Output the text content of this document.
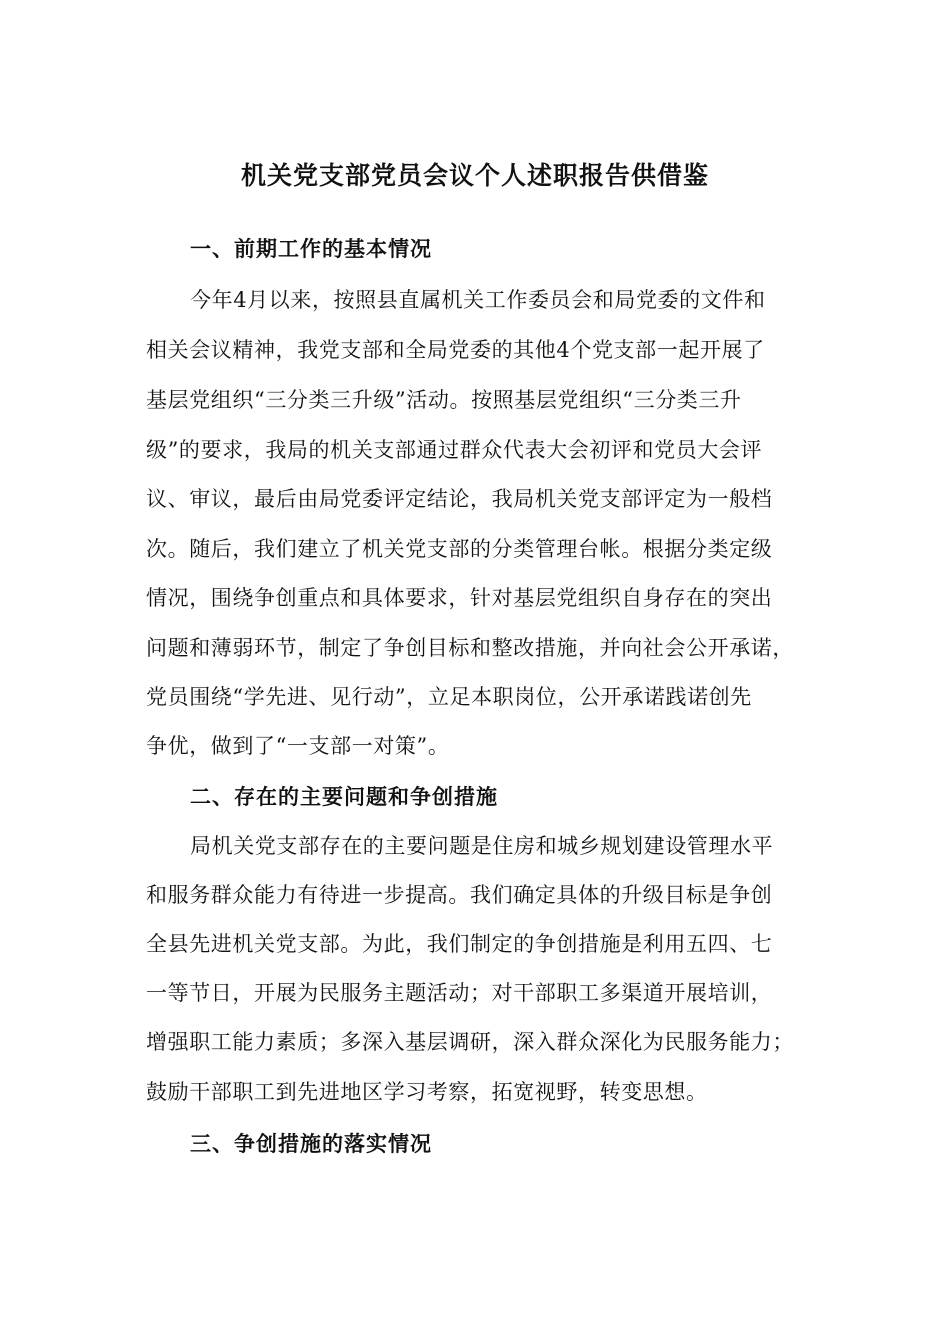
机关党支部党员会议个人述职报告供借鉴
一、前期工作的基本情况
今年4月以来，按照县直属机关工作委员会和局党委的文件和
相关会议精神，我党支部和全局党委的其他4个党支部一起开展了
基层党组织“三分类三升级”活动。按照基层党组织“三分类三升
级”的要求，我局的机关支部通过群众代表大会初评和党员大会评
议、审议，最后由局党委评定结论，我局机关党支部评定为一般档
次。随后，我们建立了机关党支部的分类管理台帐。根据分类定级
情况，围绕争创重点和具体要求，针对基层党组织自身存在的突出
问题和薄弱环节，制定了争创目标和整改措施，并向社会公开承诺，
党员围绕“学先进、见行动”，立足本职岗位，公开承诺践诺创先
争优，做到了“一支部一对策”。
二、存在的主要问题和争创措施
局机关党支部存在的主要问题是住房和城乡规划建设管理水平
和服务群众能力有待进一步提高。我们确定具体的升级目标是争创
全县先进机关党支部。为此，我们制定的争创措施是利用五四、七
一等节日，开展为民服务主题活动；对干部职工多渠道开展培训，
增强职工能力素质；多深入基层调研，深入群众深化为民服务能力；
鼓励干部职工到先进地区学习考察，拓宽视野，转变思想。
三、争创措施的落实情况
